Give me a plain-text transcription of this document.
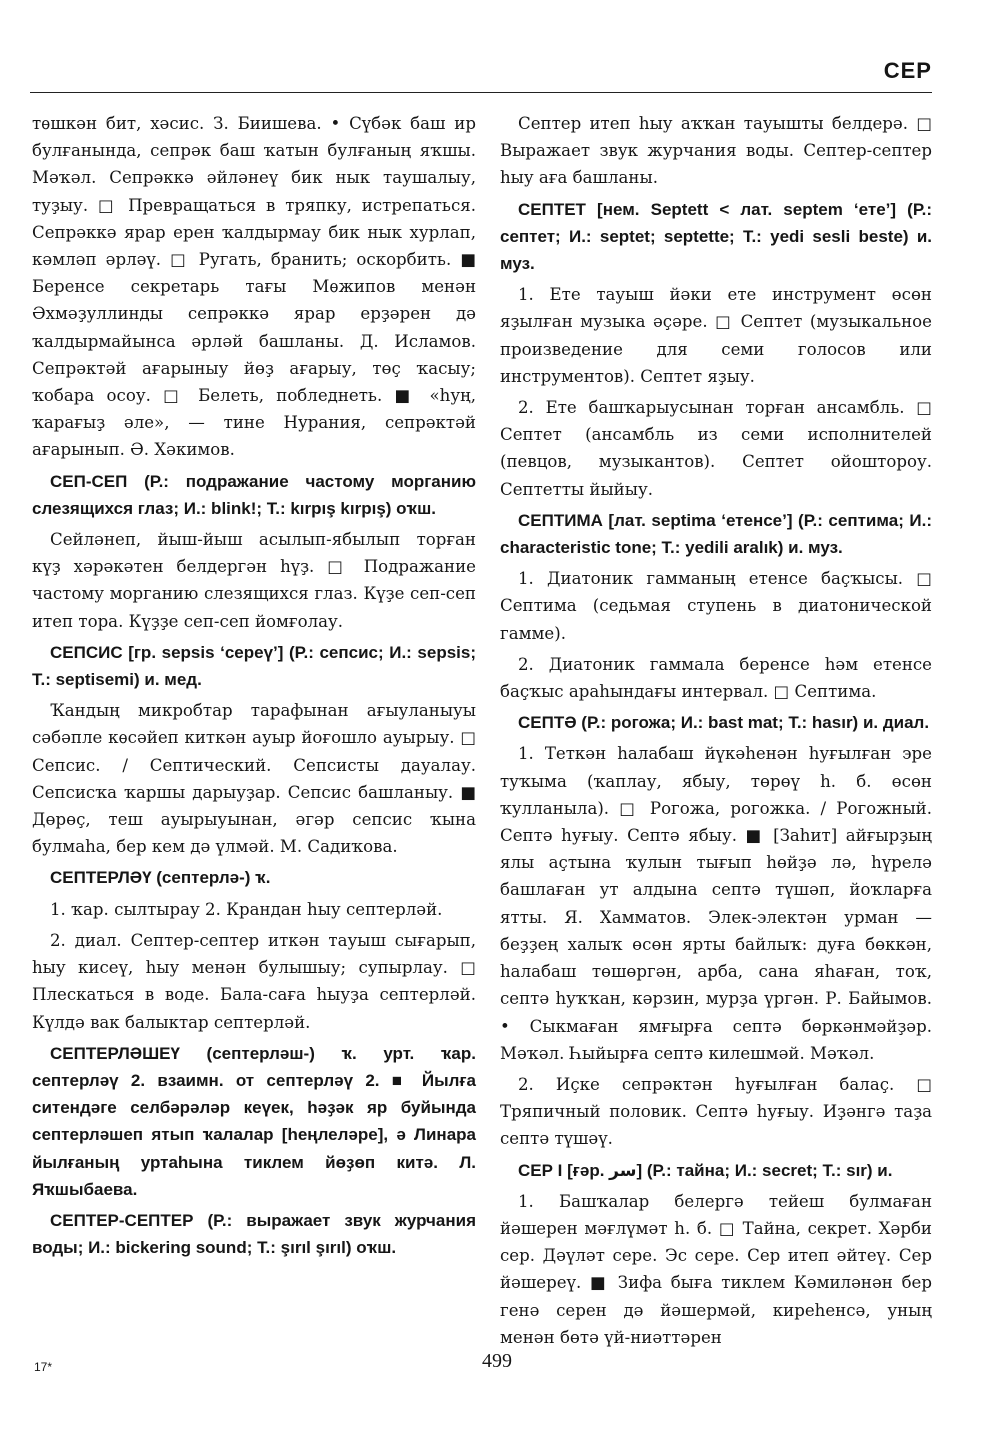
СЕР

тѳшкән бит, хәсис. З. Биишева. • Сүбәк баш ир булғанында, сепрәк баш ҡатын булғаның яҡшы. Мәҡәл. Сепрәккә әйләнеү бик нык таушалыу, туҙыу. □ Превращаться в тряпку, истрепаться. Сепрәккә ярар ерен ҡалдырмау бик нык хурлап, кәмләп әрләү. □ Ругать, бранить; оскорбить. ■ Беренсе секретарь тағы Мѳжипов менән Әхмәҙуллинды сепрәккә ярар ерҙәрен дә ҡалдырмайынса әрләй башланы. Д. Исламов. Сепрәктәй ағарыныу йөҙ ағарыу, төҫ ҡасыу; ҡобара осоу. □ Белеть, побледнеть. ■ «һуң, ҡарағыҙ әле», — тине Нурания, сепрәктәй ағарынып. Ә. Хәкимов.

СЕП-СЕП (Р.: подражание частому морганию слезящихся глаз; И.: blink!; Т.: kırpış kırpış) оҡш.

Сейләнеп, йыш-йыш асылып-ябылып торған күҙ хәрәкәтен белдергән һүҙ. □ Подражание частому морганию слезящихся глаз. Күҙе сеп-сеп итеп тора. Күҙҙе сеп-сеп йомғолау.

СЕПСИС [гр. sepsis ‘сереү’] (Р.: сепсис; И.: sepsis; Т.: septisemi) и. мед.

Ҡандың микробтар тарафынан ағыуланыуы сәбәпле кѳсәйеп киткән ауыр йоғошло ауырыу. □ Сепсис. / Септический. Сепсисты дауалау. Сепсисҡа ҡаршы дарыуҙар. Сепсис башланыу. ■ Дөрөҫ, теш ауырыуынан, әгәр сепсис ҡына булмаһа, бер кем дә үлмәй. М. Садиҡова.

СЕПТЕРЛӘҮ (септерлә-) ҡ.

1. ҡар. сылтырау 2. Крандан һыу септерләй.

2. диал. Септер-септер иткән тауыш сығарып, һыу кисеү, һыу менән булышыу; супырлау. □ Плескаться в воде. Бала-саға һыуҙа септерләй. Күлдә вак балыктар септерләй.

СЕПТЕРЛӘШЕҮ (септерләш-) ҡ. урт. ҡар. септерләү 2. взаимн. от септерләү 2. ■ Йылға ситендәге селбәрәләр кеүек, һәҙәк яр буйында септерләшеп ятып ҡалалар [һеңлеләре], ә Линара йылғаның уртаһына тиклем йөҙөп китә. Л. Яҡшыбаева.

СЕПТЕР-СЕПТЕР (Р.: выражает звук журчания воды; И.: bickering sound; Т.: şırıl şırıl) оҡш.

Септер итеп һыу аҡҡан тауышты белдерә. □ Выражает звук журчания воды. Септер-септер һыу аға башланы.

СЕПТЕТ [нем. Septett < лат. septem ‘ете’] (Р.: септет; И.: septet; septette; Т.: yedi sesli beste) и. муз.

1. Ете тауыш йәки ете инструмент өсөн яҙылған музыка әҫәре. □ Септет (музыкальное произведение для семи голосов или инструментов). Септет яҙыу.

2. Ете башҡарыусынан торған ансамбль. □ Септет (ансамбль из семи исполнителей (певцов, музыкантов). Септет ойоштороу. Септетты йыйыу.

СЕПТИМА [лат. septima ‘етенсе’] (Р.: септима; И.: characteristic tone; Т.: yedili aralık) и. муз.

1. Диатоник гамманың етенсе баҫҡысы. □ Септима (седьмая ступень в диатонической гамме).

2. Диатоник гаммала беренсе һәм етенсе баҫҡыс араһындағы интервал. □ Септима.

СЕПТӘ (Р.: рогожа; И.: bast mat; Т.: hasır) и. диал.

1. Теткән һалабаш йүкәһенән һуғылған эре туҡыма (ҡаплау, ябыу, төрөү һ. б. өсөн ҡулланыла). □ Рогожа, рогожка. / Рогожный. Септә һуғыу. Септә ябыу. ■ [Заһит] айғырҙың ялы аҫтына ҡулын тығып һөйҙә лә, һүрелә башлаған ут алдына септә түшәп, йоҡларға ятты. Я. Хамматов. Элек-электән урман — беҙҙең халыҡ өсөн ярты байлыҡ: дуға бөккән, һалабаш төшөргән, арба, сана яһаған, тоҡ, септә һуҡҡан, кәрзин, мурҙа үргән. Р. Байымов. • Сыкмаған ямғырға септә бөркәнмәйҙәр. Мәҡәл. Һыйырға септә килешмәй. Мәҡәл.

2. Иҫке сепрәктән һуғылған балаҫ. □ Тряпичный половик. Септә һуғыу. Иҙәнгә таҙа септә түшәү.

СЕР I [ғәр. سر] (Р.: тайна; И.: secret; Т.: sır) и.

1. Башҡалар белергә тейеш булмаған йәшерен мәғлүмәт һ. б. □ Тайна, секрет. Хәрби сер. Дәүләт сере. Эс сере. Сер итеп әйтеү. Сер йәшереү. ■ Зифа быға тиклем Кәмиләнән бер генә серен дә йәшермәй, киреһенсә, уның менән бөтә үй-ниәттәрен

17*	499
